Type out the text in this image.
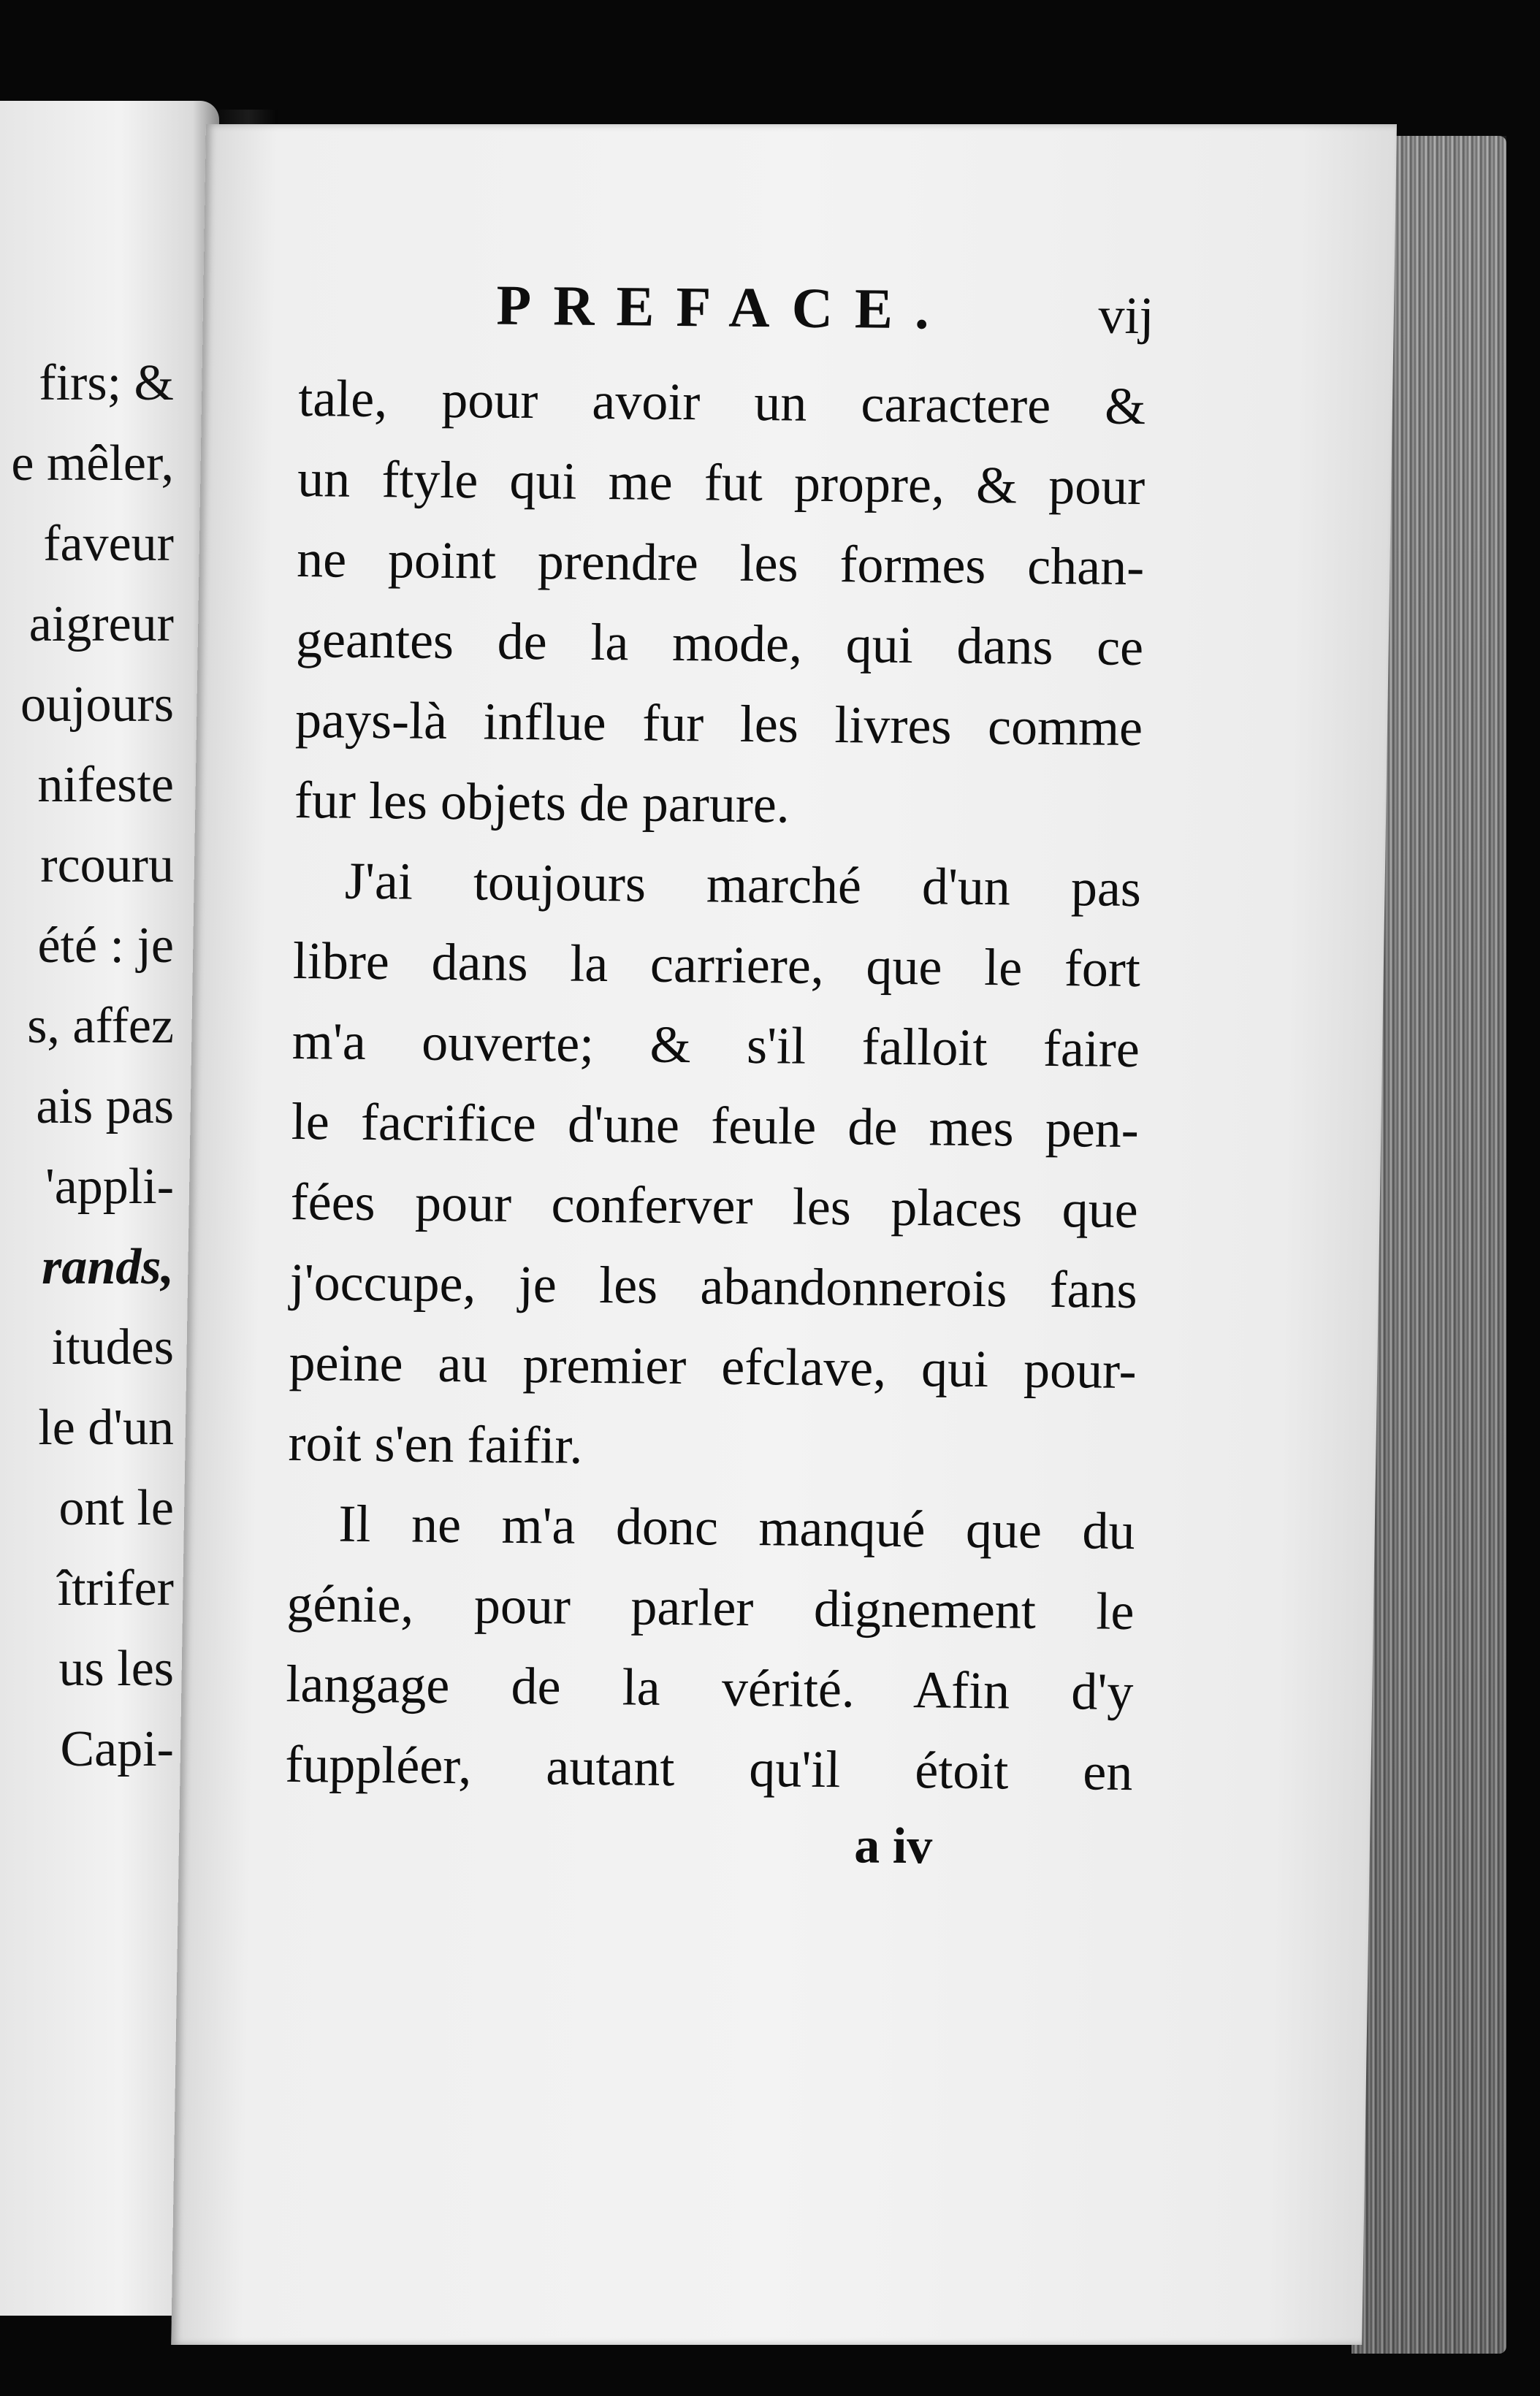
firs; &
e mêler,
faveur
aigreur
oujours
nifeste
rcouru
été : je
s, affez
ais pas
'appli-
rands,
itudes
le d'un
ont le
îtrifer
us les
Capi-
PREFACE.	vij
tale, pour avoir un caractere &
un ftyle qui me fut propre, & pour
ne point prendre les formes chan-
geantes de la mode, qui dans ce
pays-là influe fur les livres comme
fur les objets de parure.
J'ai toujours marché d'un pas
libre dans la carriere, que le fort
m'a ouverte; & s'il falloit faire
le facrifice d'une feule de mes pen-
fées pour conferver les places que
j'occupe, je les abandonnerois fans
peine au premier efclave, qui pour-
roit s'en faifir.
Il ne m'a donc manqué que du
génie, pour parler dignement le
langage de la vérité. Afin d'y
fuppléer, autant qu'il étoit en
a iv
